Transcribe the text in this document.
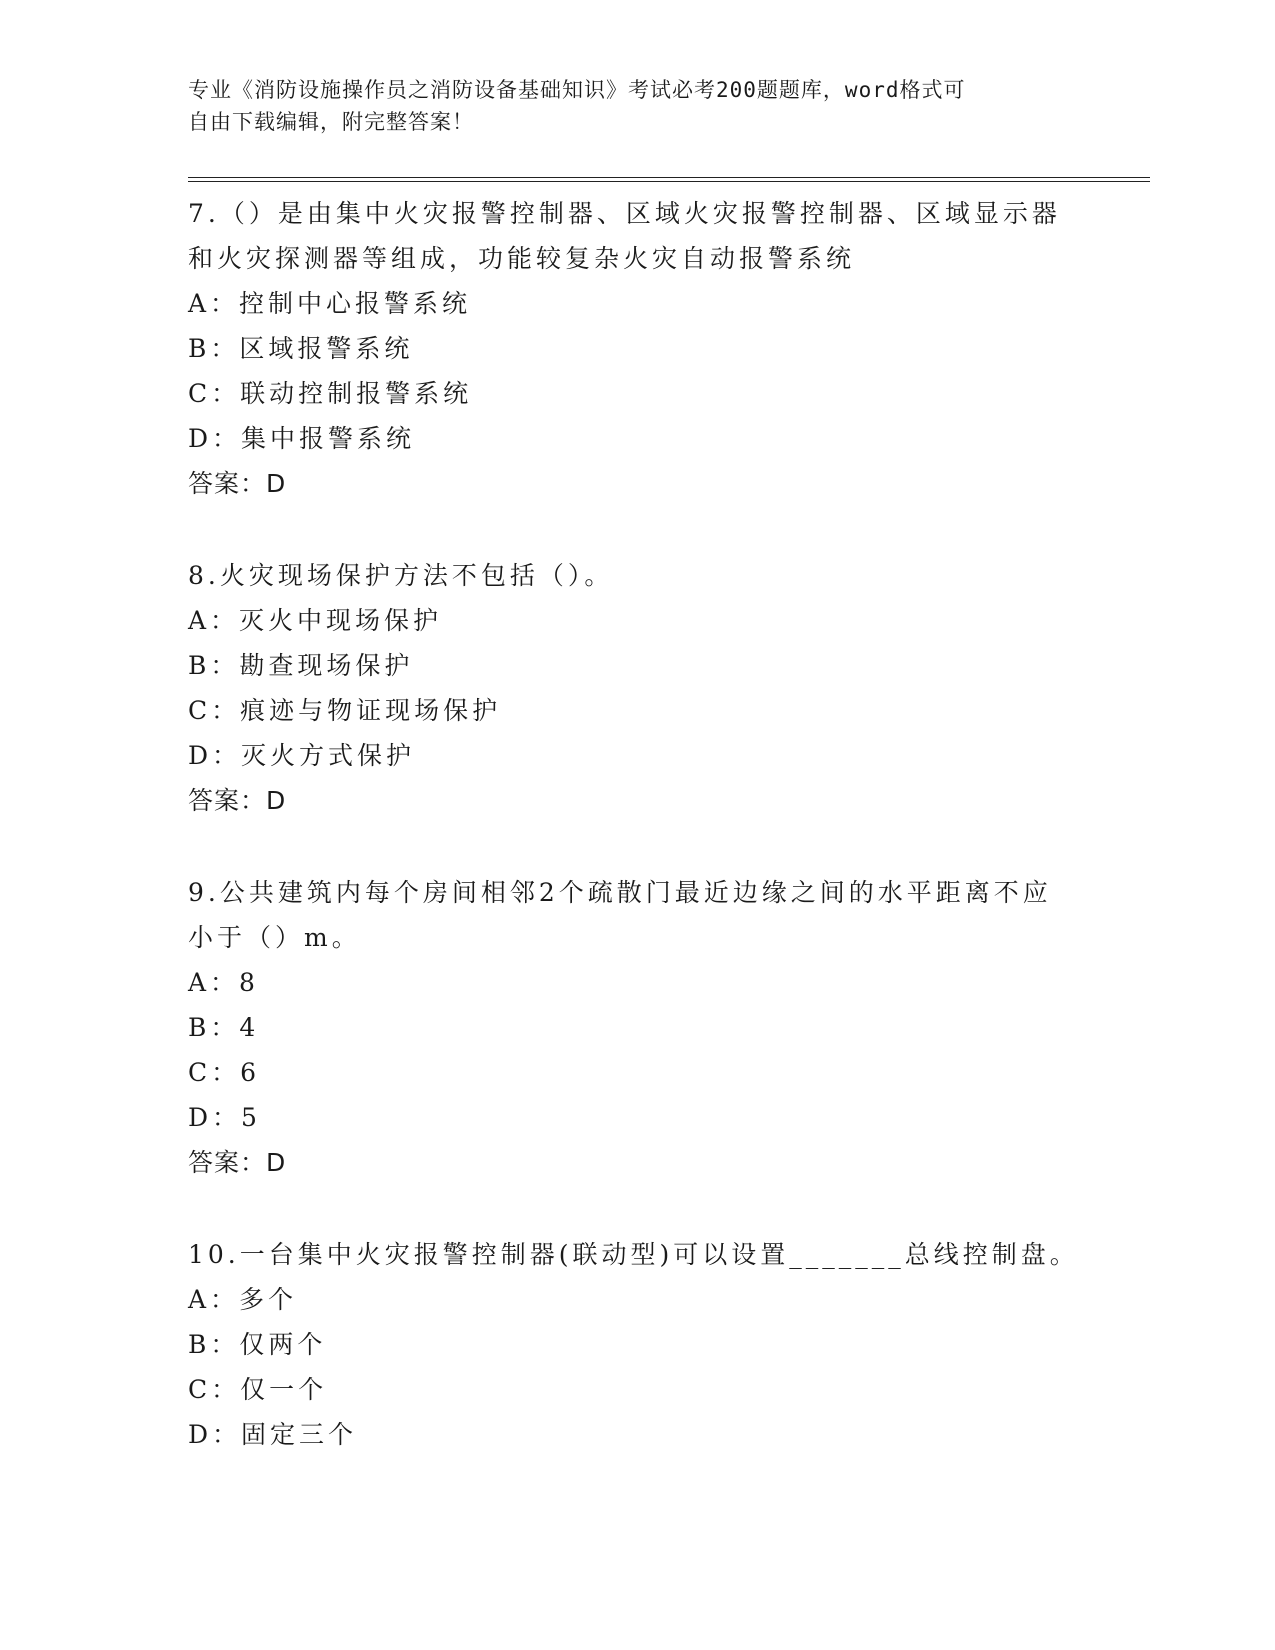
专业《消防设施操作员之消防设备基础知识》考试必考200题题库，word格式可
自由下载编辑，附完整答案！
7.（）是由集中火灾报警控制器、区域火灾报警控制器、区域显示器
和火灾探测器等组成，功能较复杂火灾自动报警系统
A：控制中心报警系统
B：区域报警系统
C：联动控制报警系统
D：集中报警系统
答案：D
8.火灾现场保护方法不包括（）。
A：灭火中现场保护
B：勘查现场保护
C：痕迹与物证现场保护
D：灭火方式保护
答案：D
9.公共建筑内每个房间相邻2个疏散门最近边缘之间的水平距离不应
小于（）m。
A：8
B：4
C：6
D：5
答案：D
10.一台集中火灾报警控制器(联动型)可以设置_______总线控制盘。
A：多个
B：仅两个
C：仅一个
D：固定三个
